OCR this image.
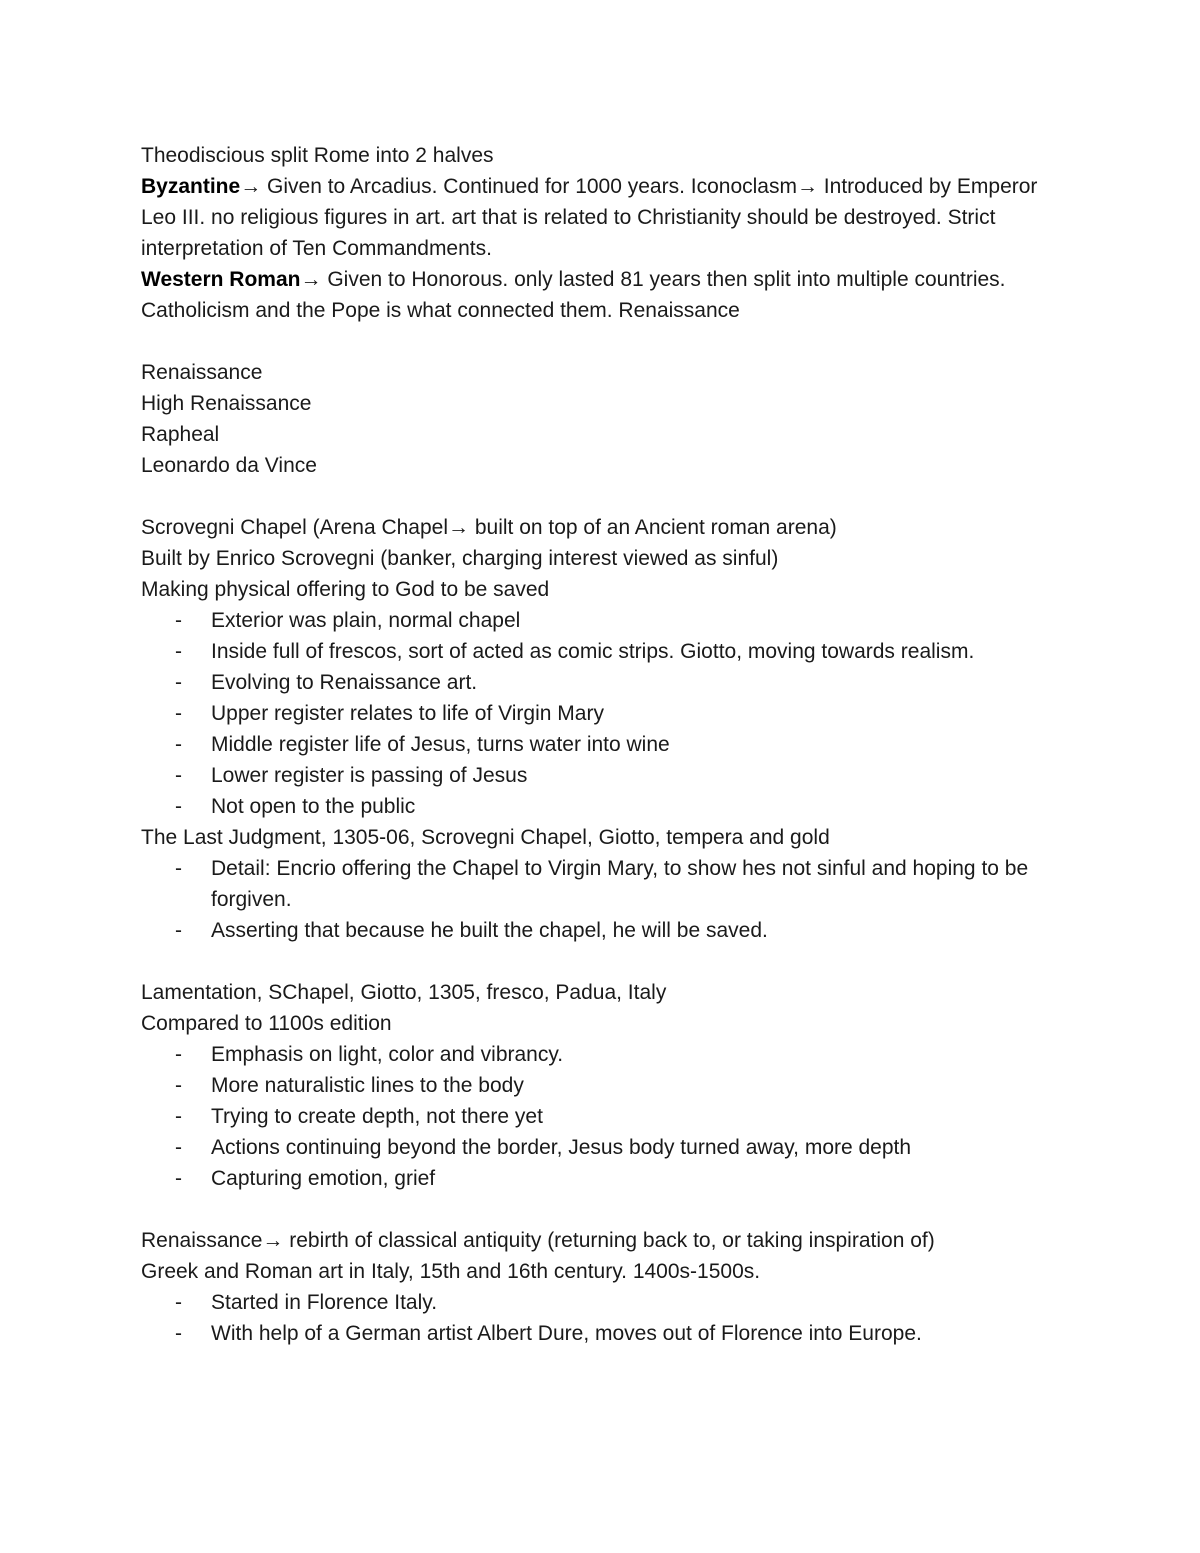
Theodiscious split Rome into 2 halves
Byzantine→ Given to Arcadius. Continued for 1000 years. Iconoclasm→ Introduced by Emperor Leo III. no religious figures in art. art that is related to Christianity should be destroyed. Strict interpretation of Ten Commandments.
Western Roman→ Given to Honorous. only lasted 81 years then split into multiple countries. Catholicism and the Pope is what connected them. Renaissance
Renaissance
High Renaissance
Rapheal
Leonardo da Vince
Scrovegni Chapel (Arena Chapel→ built on top of an Ancient roman arena)
Built by Enrico Scrovegni (banker, charging interest viewed as sinful)
Making physical offering to God to be saved
- Exterior was plain, normal chapel
- Inside full of frescos, sort of acted as comic strips. Giotto, moving towards realism.
- Evolving to Renaissance art.
- Upper register relates to life of Virgin Mary
- Middle register life of Jesus, turns water into wine
- Lower register is passing of Jesus
- Not open to the public
The Last Judgment, 1305-06, Scrovegni Chapel, Giotto, tempera and gold
- Detail: Encrio offering the Chapel to Virgin Mary, to show hes not sinful and hoping to be forgiven.
- Asserting that because he built the chapel, he will be saved.
Lamentation, SChapel, Giotto, 1305, fresco, Padua, Italy
Compared to 1100s edition
- Emphasis on light, color and vibrancy.
- More naturalistic lines to the body
- Trying to create depth, not there yet
- Actions continuing beyond the border, Jesus body turned away, more depth
- Capturing emotion, grief
Renaissance→ rebirth of classical antiquity (returning back to, or taking inspiration of)
Greek and Roman art in Italy, 15th and 16th century. 1400s-1500s.
- Started in Florence Italy.
- With help of a German artist Albert Dure, moves out of Florence into Europe.
